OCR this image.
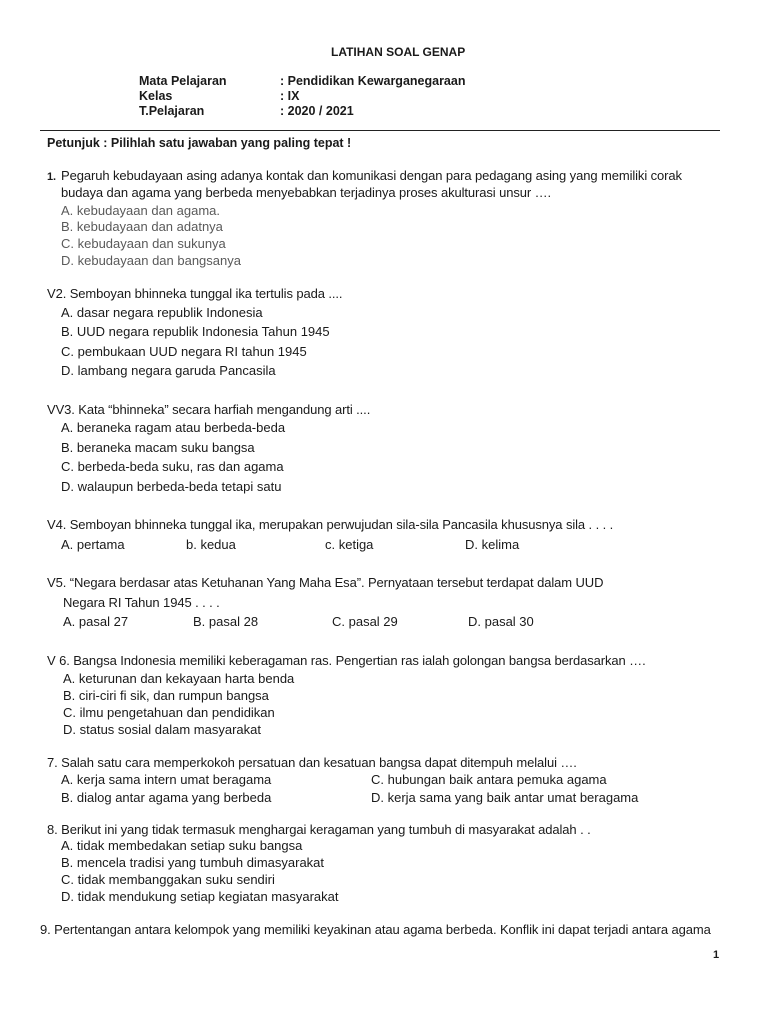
LATIHAN SOAL GENAP
Mata Pelajaran	: Pendidikan Kewarganegaraan
Kelas	: IX
T.Pelajaran	: 2020 / 2021
Petunjuk : Pilihlah satu jawaban yang paling tepat !
1. Pegaruh kebudayaan asing adanya kontak dan komunikasi dengan para pedagang asing yang memiliki corak
budaya dan agama yang berbeda menyebabkan terjadinya proses akulturasi unsur ….
A. kebudayaan dan agama.
B. kebudayaan dan adatnya
C. kebudayaan dan sukunya
D. kebudayaan dan bangsanya
V2. Semboyan bhinneka tunggal ika tertulis pada ....
A. dasar negara republik Indonesia
B. UUD negara republik Indonesia Tahun 1945
C. pembukaan UUD negara RI tahun 1945
D. lambang negara garuda Pancasila
VV3. Kata “bhinneka” secara harfiah mengandung arti ....
A. beraneka ragam atau berbeda-beda
B. beraneka macam suku bangsa
C. berbeda-beda suku, ras dan agama
D. walaupun berbeda-beda tetapi satu
V4. Semboyan bhinneka tunggal ika, merupakan perwujudan sila-sila Pancasila khususnya sila . . . .
A. pertama	b. kedua	c. ketiga	D. kelima
V5. “Negara berdasar atas Ketuhanan Yang Maha Esa”. Pernyataan tersebut terdapat dalam UUD
Negara RI Tahun 1945 . . . .
A. pasal 27	B. pasal 28	C. pasal 29	D. pasal 30
V 6. Bangsa Indonesia memiliki keberagaman ras. Pengertian ras ialah golongan bangsa berdasarkan ….
A. keturunan dan kekayaan harta benda
B. ciri-ciri fi sik, dan rumpun bangsa
C. ilmu pengetahuan dan pendidikan
D. status sosial dalam masyarakat
7. Salah satu cara memperkokoh persatuan dan kesatuan bangsa dapat ditempuh melalui ….
A. kerja sama intern umat beragama	C. hubungan baik antara pemuka agama
B. dialog antar agama yang berbeda	D. kerja sama yang baik antar umat beragama
8. Berikut ini yang tidak termasuk menghargai keragaman yang tumbuh di masyarakat adalah . .
A. tidak membedakan setiap suku bangsa
B. mencela tradisi yang tumbuh dimasyarakat
C. tidak membanggakan suku sendiri
D. tidak mendukung setiap kegiatan masyarakat
9. Pertentangan antara kelompok yang memiliki keyakinan atau agama berbeda. Konflik ini dapat terjadi antara agama
1
